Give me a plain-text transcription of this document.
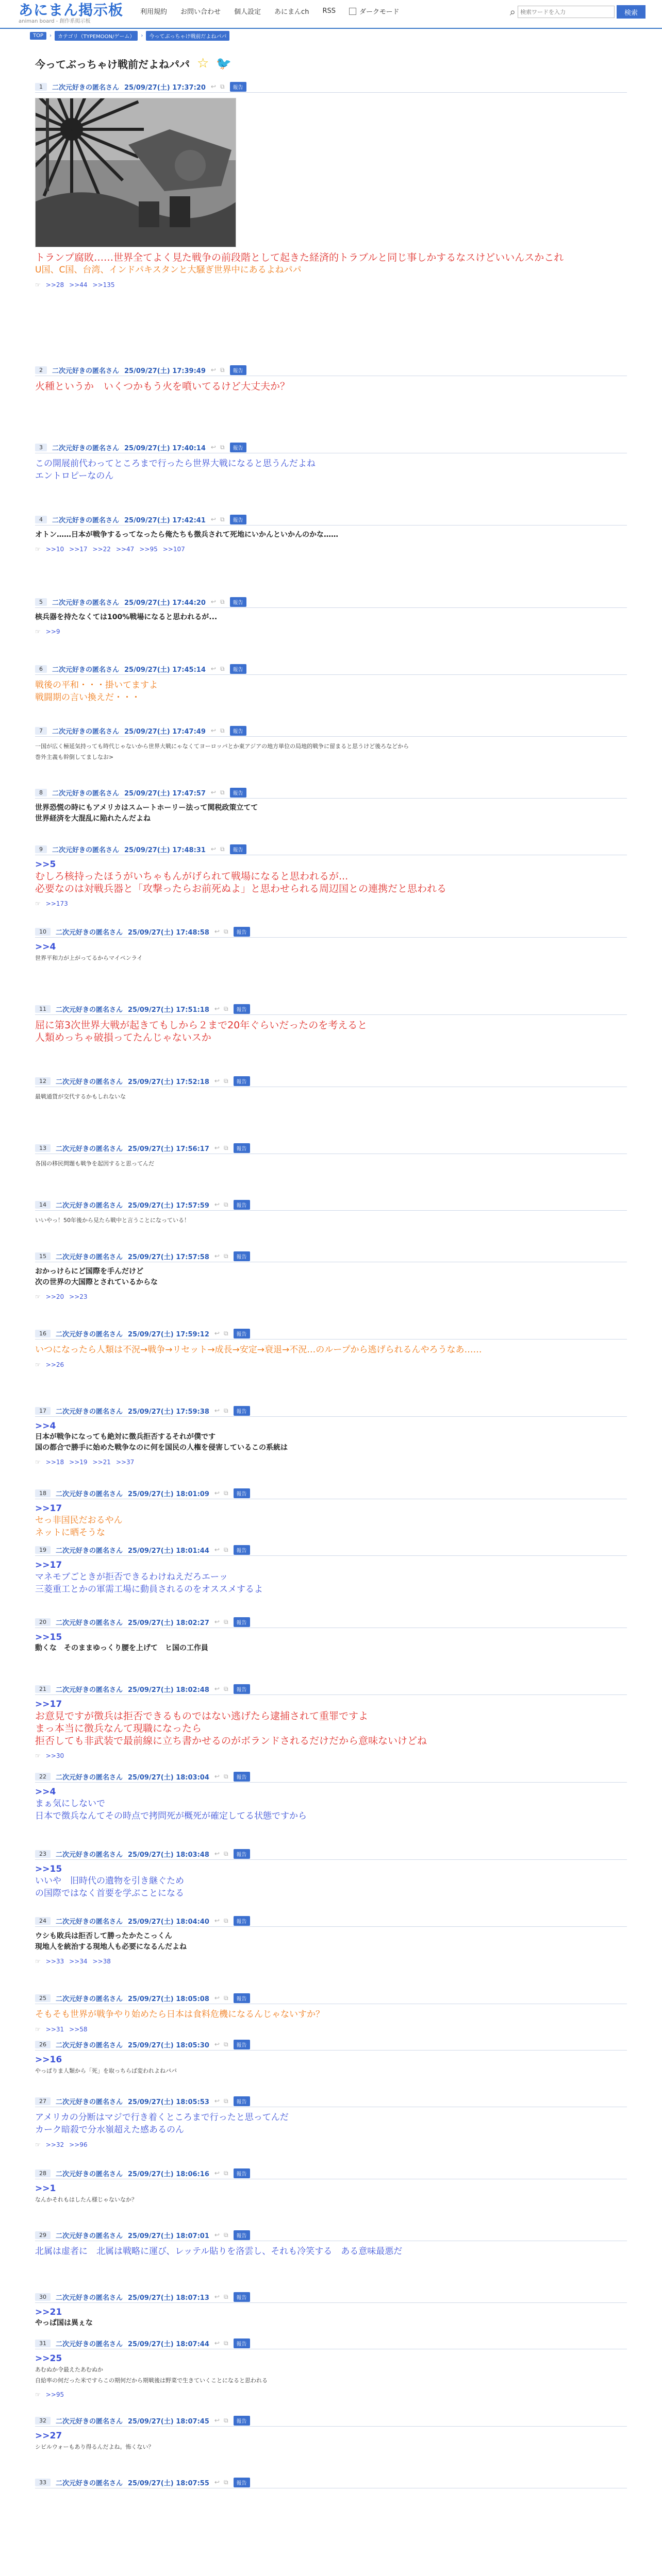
あにまん掲示板
animan board - 創作系掲示板
利用規約 お問い合わせ 個人設定 あにまんch RSS	ダークモード	⌕
検索ワードを入力	検索
TOP	›	カテゴリ（TYPEMOON/ゲーム）	›	今ってぶっちゃけ戦前だよねパパ
今ってぶっちゃけ戦前だよねパパ ☆ 🐦
1	二次元好きの匿名さん 25/09/27(土) 17:37:20 ↩ ⧉	報告
トランプ腐敗……世界全てよく見た戦争の前段階として起きた経済的トラブルと同じ事しかするなスけどいいんスかこれ
U国、C国、台湾、インドパキスタンと大騒ぎ世界中にあるよねパパ
☞ >>28 >>44 >>135
2	二次元好きの匿名さん 25/09/27(土) 17:39:49 ↩ ⧉	報告
火種というか　いくつかもう火を噴いてるけど大丈夫か？
3	二次元好きの匿名さん 25/09/27(土) 17:40:14 ↩ ⧉	報告
この開展前代わってところまで行ったら世界大戦になると思うんだよね
エントロピーなのん
4	二次元好きの匿名さん 25/09/27(土) 17:42:41 ↩ ⧉	報告
オトン……日本が戦争するってなったら俺たちも徴兵されて死地にいかんといかんのかな……
☞ >>10 >>17 >>22 >>47 >>95 >>107
5	二次元好きの匿名さん 25/09/27(土) 17:44:20 ↩ ⧉	報告
核兵器を持たなくては100%戦場になると思われるが...
☞ >>9
6	二次元好きの匿名さん 25/09/27(土) 17:45:14 ↩ ⧉	報告
戦後の平和・・・掛いてますよ
戦闘期の言い換えだ・・・
7	二次元好きの匿名さん 25/09/27(土) 17:47:49 ↩ ⧉	報告
一国が広く極延気持っても時代じゃないから世界大戦にゃなくてヨーロッパとか東アジアの地方単位の局地的戦争に留まると思うけど後ろなどから
巻外主義も幹倒してましなお>
8	二次元好きの匿名さん 25/09/27(土) 17:47:57 ↩ ⧉	報告
世界恐慌の時にもアメリカはスムートホーリー法って関税政策立てて
世界経済を大混乱に陥れたんだよね
9	二次元好きの匿名さん 25/09/27(土) 17:48:31 ↩ ⧉	報告
>>5
むしろ核持ったほうがいちゃもんがげられて戦場になると思われるが...
必要なのは対戦兵器と「攻撃ったらお前死ぬよ」と思わせられる周辺国との連携だと思われる
☞ >>173
10	二次元好きの匿名さん 25/09/27(土) 17:48:58 ↩ ⧉	報告
>>4
世界平和力が上がってるからマイペンライ
11	二次元好きの匿名さん 25/09/27(土) 17:51:18 ↩ ⧉	報告
屈に第3次世界大戦が起きてもしから２まで20年ぐらいだったのを考えると
人類めっちゃ破損ってたんじゃないスか
12	二次元好きの匿名さん 25/09/27(土) 17:52:18 ↩ ⧉	報告
最戦通貨が交代するかもしれないな
13	二次元好きの匿名さん 25/09/27(土) 17:56:17 ↩ ⧉	報告
各国の移民問題も戦争を起因すると思ってんだ
14	二次元好きの匿名さん 25/09/27(土) 17:57:59 ↩ ⧉	報告
いいやっ！50年後から見たら戦中と言うことになっている！
15	二次元好きの匿名さん 25/09/27(土) 17:57:58 ↩ ⧉	報告
おかっけらにど国際を手んだけど
次の世界の大国際とされているからな
☞ >>20 >>23
16	二次元好きの匿名さん 25/09/27(土) 17:59:12 ↩ ⧉	報告
いつになったら人類は不況→戦争→リセット→成長→安定→衰退→不況…のループから逃げられるんやろうなあ……
☞ >>26
17	二次元好きの匿名さん 25/09/27(土) 17:59:38 ↩ ⧉	報告
>>4
日本が戦争になっても絶対に徴兵拒否するそれが僕です
国の都合で勝手に始めた戦争なのに何を国民の人権を侵害しているこの系統は
☞ >>18 >>19 >>21 >>37
18	二次元好きの匿名さん 25/09/27(土) 18:01:09 ↩ ⧉	報告
>>17
セっ非国民だおるやん
ネットに晒そうな
19	二次元好きの匿名さん 25/09/27(土) 18:01:44 ↩ ⧉	報告
>>17
マネモブごときが拒否できるわけねえだろエーッ
三菱重工とかの軍需工場に動員されるのをオススメするよ
20	二次元好きの匿名さん 25/09/27(土) 18:02:27 ↩ ⧉	報告
>>15
動くな　そのままゆっくり腰を上げて　ヒ国の工作員
21	二次元好きの匿名さん 25/09/27(土) 18:02:48 ↩ ⧉	報告
>>17
お意見ですが徴兵は拒否できるものではない逃げたら逮捕されて重罪ですよ
まっ本当に徴兵なんて現職になったら
拒否しても非武装で最前線に立ち書かせるのがボランドされるだけだから意味ないけどね
☞ >>30
22	二次元好きの匿名さん 25/09/27(土) 18:03:04 ↩ ⧉	報告
>>4
まぁ気にしないで
日本で徴兵なんてその時点で拷問死が概死が確定してる状態ですから
23	二次元好きの匿名さん 25/09/27(土) 18:03:48 ↩ ⧉	報告
>>15
いいや　旧時代の遺物を引き継ぐため
の国際ではなく首要を学ぶことになる
24	二次元好きの匿名さん 25/09/27(土) 18:04:40 ↩ ⧉	報告
ウシも敗兵は拒否して勝ったかたこっくん
現地人を統治する現地人も必要になるんだよね
☞ >>33 >>34 >>38
25	二次元好きの匿名さん 25/09/27(土) 18:05:08 ↩ ⧉	報告
そもそも世界が戦争やり始めたら日本は食料危機になるんじゃないすか？
☞ >>31 >>58
26	二次元好きの匿名さん 25/09/27(土) 18:05:30 ↩ ⧉	報告
>>16
やっぱりま人類から「死」を取っちらば変われよねパパ
27	二次元好きの匿名さん 25/09/27(土) 18:05:53 ↩ ⧉	報告
アメリカの分断はマジで行き着くところまで行ったと思ってんだ
カーク暗殺で分水嶺超えた感あるのん
☞ >>32 >>96
28	二次元好きの匿名さん 25/09/27(土) 18:06:16 ↩ ⧉	報告
>>1
なんかそれもはしたん様じゃないなか？
29	二次元好きの匿名さん 25/09/27(土) 18:07:01 ↩ ⧉	報告
北属は虚者に　北属は戦略に運び、レッテル貼りを洛雲し、それも冷笑する　ある意味最悪だ
30	二次元好きの匿名さん 25/09/27(土) 18:07:13 ↩ ⧉	報告
>>21
やっぱ国は異ぇな
31	二次元好きの匿名さん 25/09/27(土) 18:07:44 ↩ ⧉	報告
>>25
あむぬか令最えたあむぬか
自給率の何だった米ですらこの期何だから期戦後は野菜で生きていくことになると思われる
☞ >>95
32	二次元好きの匿名さん 25/09/27(土) 18:07:45 ↩ ⧉	報告
>>27
シビルウォーもあり得るんだよね。怖くない？
33	二次元好きの匿名さん 25/09/27(土) 18:07:55 ↩ ⧉	報告
